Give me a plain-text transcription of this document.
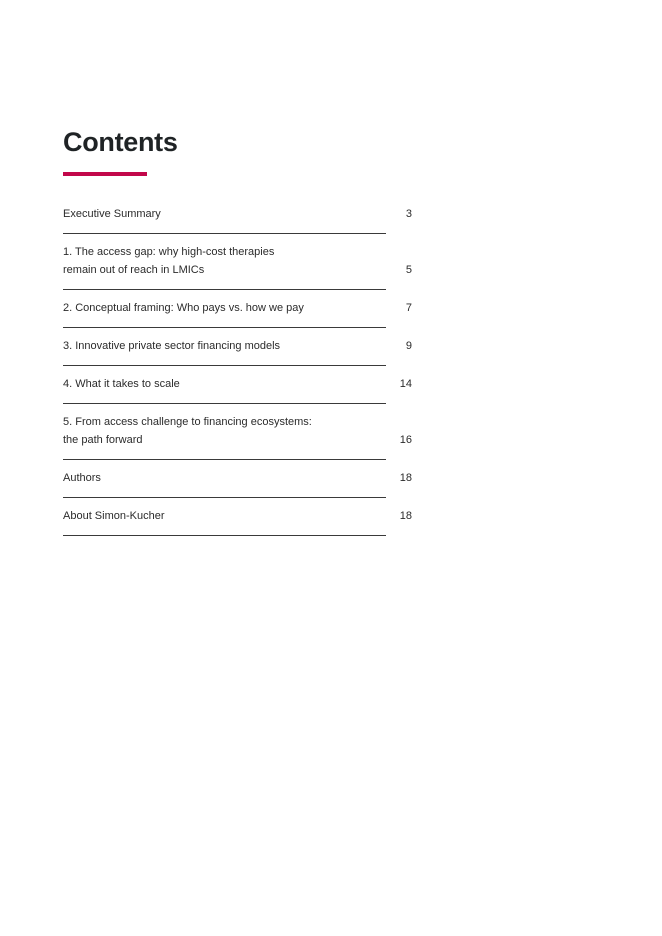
Contents
Executive Summary	3
1. The access gap: why high-cost therapies remain out of reach in LMICs	5
2. Conceptual framing: Who pays vs. how we pay	7
3. Innovative private sector financing models	9
4. What it takes to scale	14
5. From access challenge to financing ecosystems: the path forward	16
Authors	18
About Simon-Kucher	18
